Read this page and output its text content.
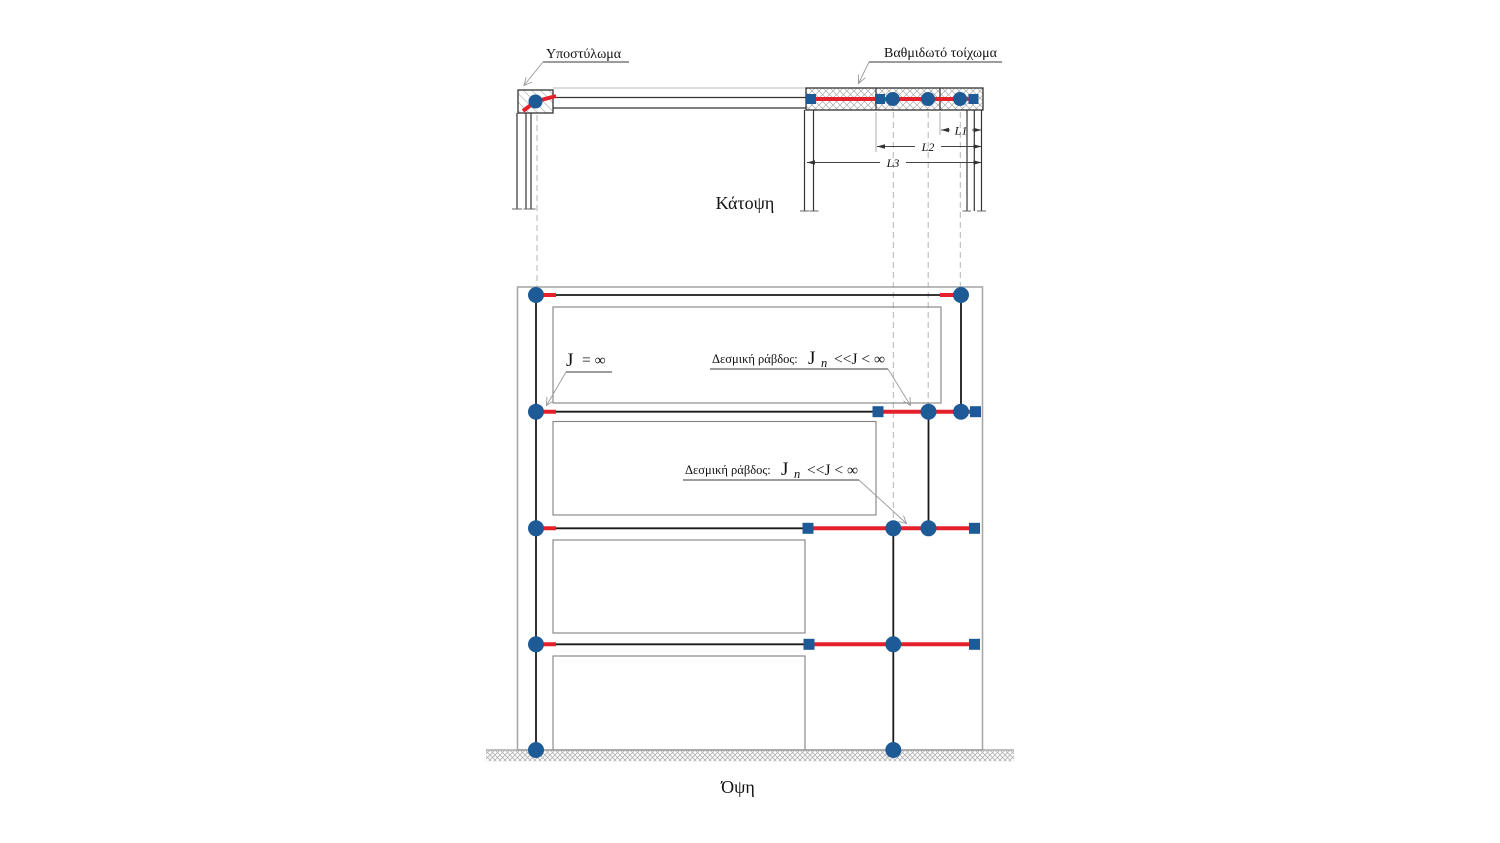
L1
L2
L3
Υποστύλωμα	Βαθμιδωτό τοίχωμα
Κάτοψη
J = ∞	Δεσμική ράβδος: J n <<J < ∞
Δεσμική ράβδος: J n <<J < ∞
Όψη
